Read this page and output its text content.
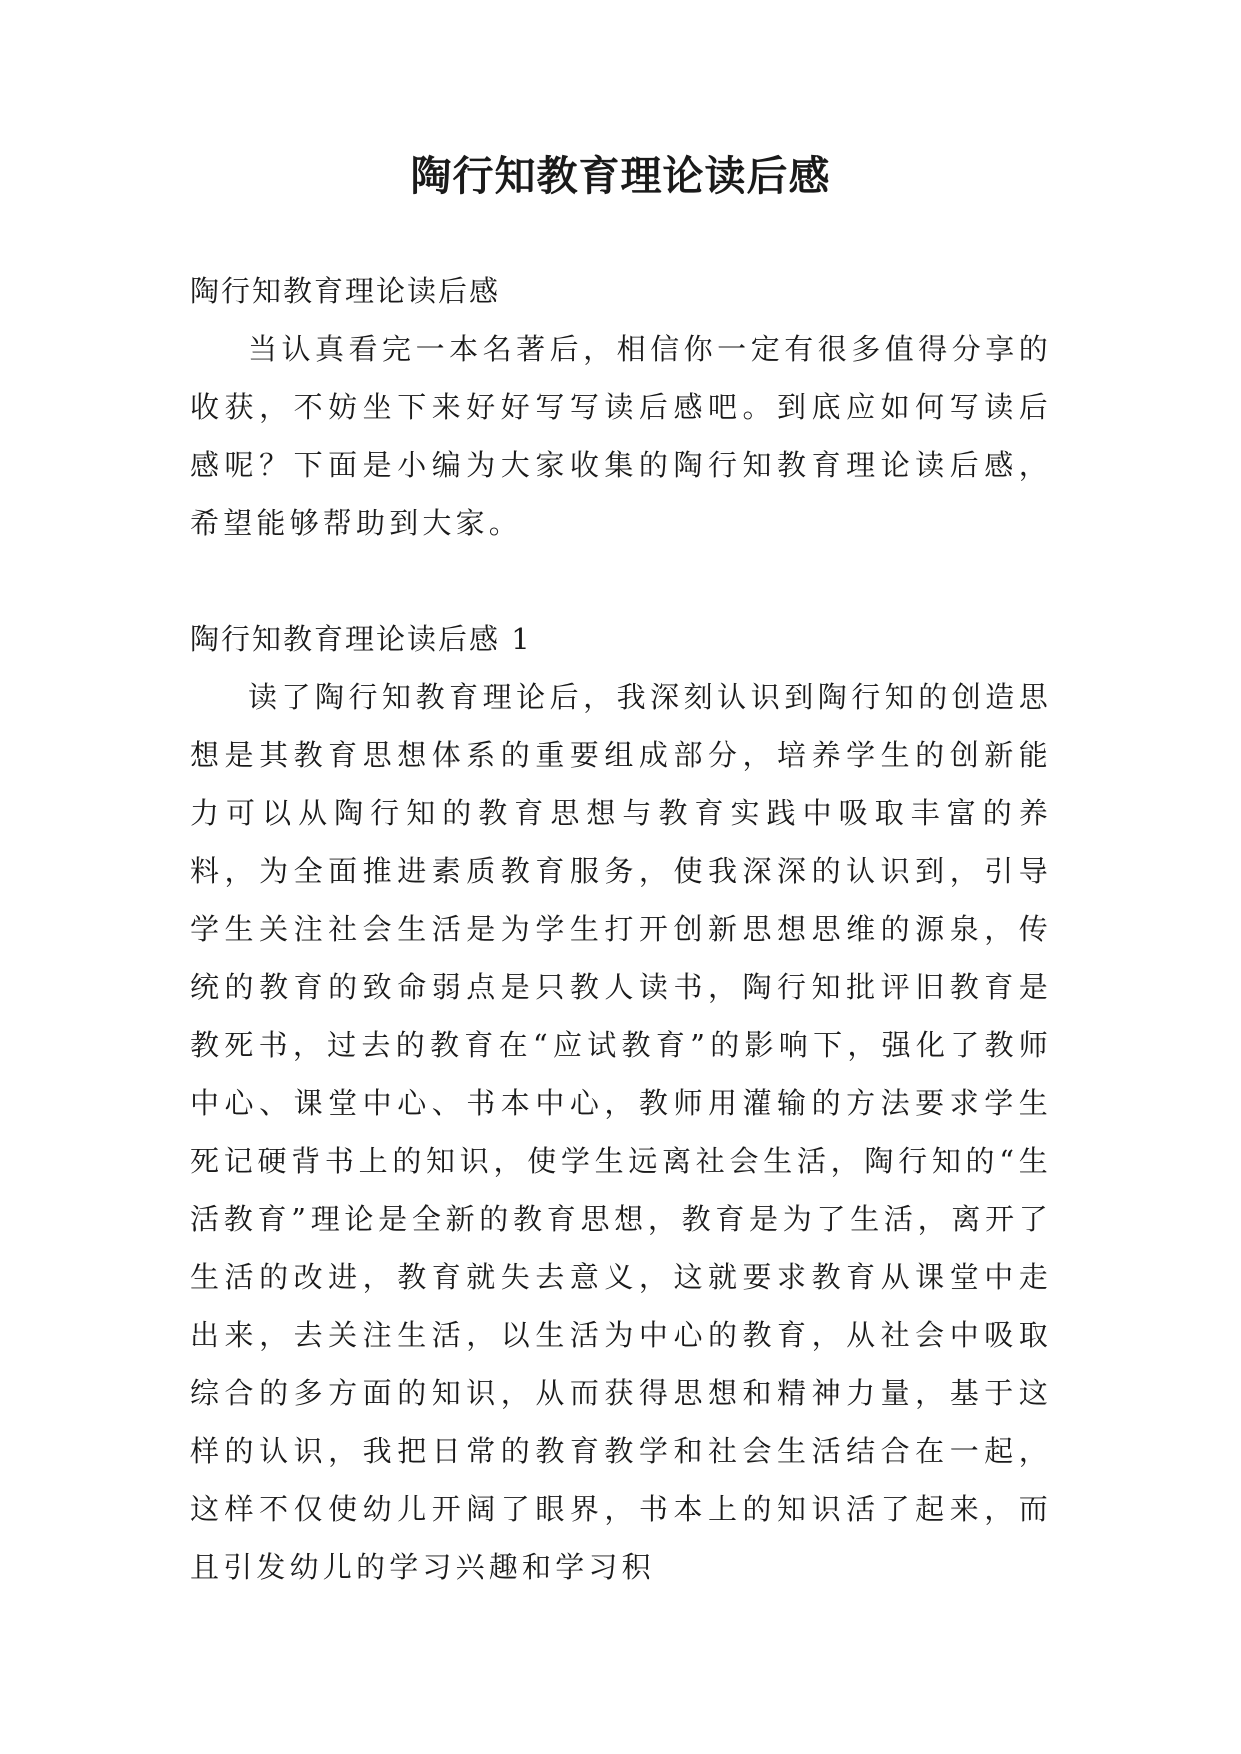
陶行知教育理论读后感

陶行知教育理论读后感

当认真看完一本名著后，相信你一定有很多值得分享的收获，不妨坐下来好好写写读后感吧。到底应如何写读后感呢？下面是小编为大家收集的陶行知教育理论读后感，希望能够帮助到大家。

陶行知教育理论读后感 1

读了陶行知教育理论后，我深刻认识到陶行知的创造思想是其教育思想体系的重要组成部分，培养学生的创新能力可以从陶行知的教育思想与教育实践中吸取丰富的养料，为全面推进素质教育服务，使我深深的认识到，引导学生关注社会生活是为学生打开创新思想思维的源泉，传统的教育的致命弱点是只教人读书，陶行知批评旧教育是教死书，过去的教育在“应试教育”的影响下，强化了教师中心、课堂中心、书本中心，教师用灌输的方法要求学生死记硬背书上的知识，使学生远离社会生活，陶行知的“生活教育”理论是全新的教育思想，教育是为了生活，离开了生活的改进，教育就失去意义，这就要求教育从课堂中走出来，去关注生活，以生活为中心的教育，从社会中吸取综合的多方面的知识，从而获得思想和精神力量，基于这样的认识，我把日常的教育教学和社会生活结合在一起，这样不仅使幼儿开阔了眼界，书本上的知识活了起来，而且引发幼儿的学习兴趣和学习积
